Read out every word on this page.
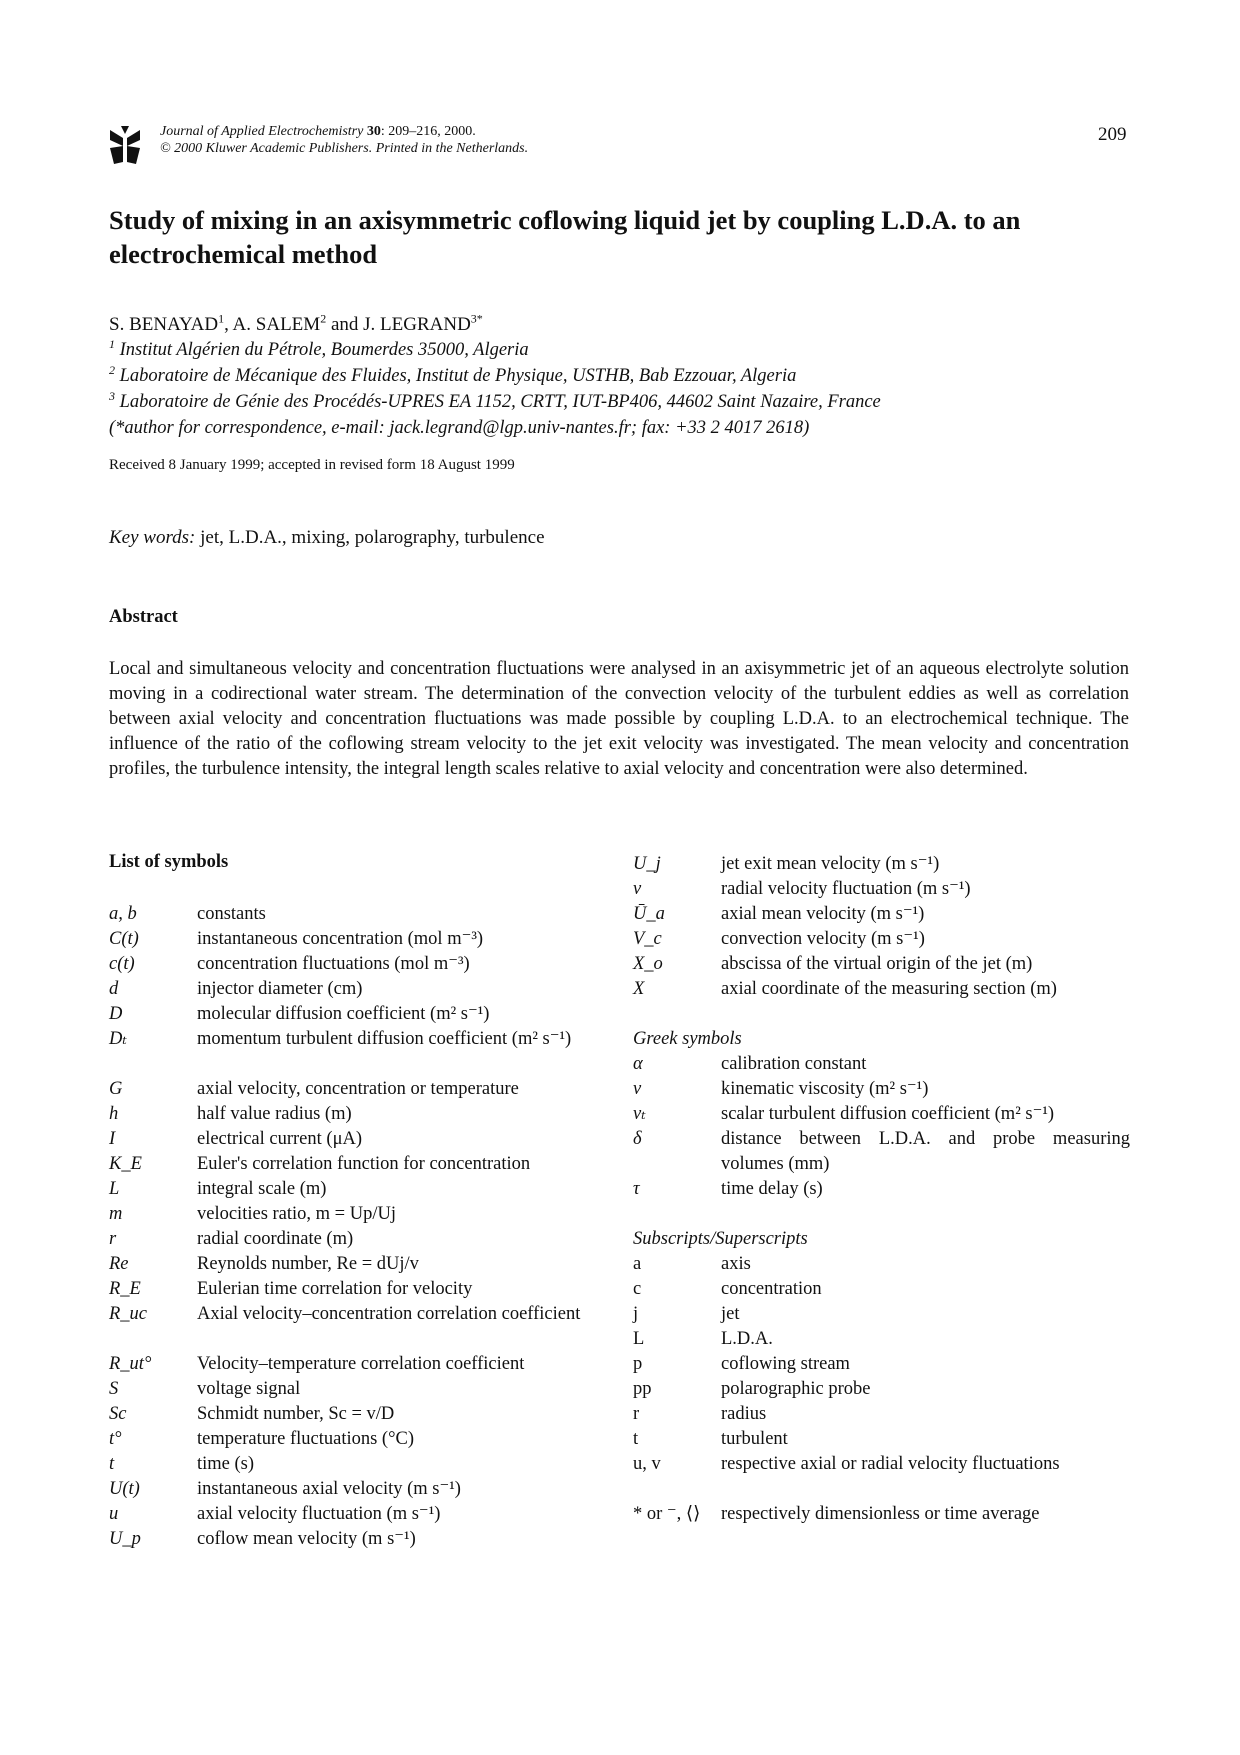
Journal of Applied Electrochemistry 30: 209–216, 2000.
© 2000 Kluwer Academic Publishers. Printed in the Netherlands.
209
Study of mixing in an axisymmetric coflowing liquid jet by coupling L.D.A. to an electrochemical method
S. BENAYAD$^1$, A. SALEM$^2$ and J. $LEGRAND^{3*}$
$^1$ Institut Algérien du Pétrole, Boumerdes 35000, Algeria
$^2$ Laboratoire de Mécanique des Fluides, Institut de Physique, USTHB, Bab Ezzouar, Algeria
$^3$ Laboratoire de Génie des Procédés-UPRES EA 1152, CRTT, IUT-BP406, 44602 Saint Nazaire, France
(*author for correspondence, e-mail: jack.legrand@lgp.univ-nantes.fr; fax: +33 2 4017 2618)
Received 8 January 1999; accepted in revised form 18 August 1999
Key words: jet, L.D.A., mixing, polarography, turbulence
Abstract
Local and simultaneous velocity and concentration fluctuations were analysed in an axisymmetric jet of an aqueous electrolyte solution moving in a codirectional water stream. The determination of the convection velocity of the turbulent eddies as well as correlation between axial velocity and concentration fluctuations was made possible by coupling L.D.A. to an electrochemical technique. The influence of the ratio of the coflowing stream velocity to the jet exit velocity was investigated. The mean velocity and concentration profiles, the turbulence intensity, the integral length scales relative to axial velocity and concentration were also determined.
List of symbols
a, b	constants
C(t)	instantaneous concentration (mol m⁻³)
c(t)	concentration fluctuations (mol m⁻³)
d	injector diameter (cm)
D	molecular diffusion coefficient (m² s⁻¹)
Dₜ	momentum turbulent diffusion coefficient (m² s⁻¹)
G	axial velocity, concentration or temperature
h	half value radius (m)
I	electrical current (μA)
K_E	Euler's correlation function for concentration
L	integral scale (m)
m	velocities ratio, m = Up/Uj
r	radial coordinate (m)
Re	Reynolds number, Re = dUj/v
R_E	Eulerian time correlation for velocity
R_uc	Axial velocity–concentration correlation coefficient
R_ut°	Velocity–temperature correlation coefficient
S	voltage signal
Sc	Schmidt number, Sc = v/D
t°	temperature fluctuations (°C)
t	time (s)
U(t)	instantaneous axial velocity (m s⁻¹)
u	axial velocity fluctuation (m s⁻¹)
U_p	coflow mean velocity (m s⁻¹)
U_j	jet exit mean velocity (m s⁻¹)
v	radial velocity fluctuation (m s⁻¹)
Ū_a	axial mean velocity (m s⁻¹)
V_c	convection velocity (m s⁻¹)
X_o	abscissa of the virtual origin of the jet (m)
X	axial coordinate of the measuring section (m)
Greek symbols
α	calibration constant
v	kinematic viscosity (m² s⁻¹)
vₜ	scalar turbulent diffusion coefficient (m² s⁻¹)
δ	distance between L.D.A. and probe measuring volumes (mm)
τ	time delay (s)
Subscripts/Superscripts
a	axis
c	concentration
j	jet
L	L.D.A.
p	coflowing stream
pp	polarographic probe
r	radius
t	turbulent
u, v	respective axial or radial velocity fluctuations
* or ⁻, ⟨⟩	respectively dimensionless or time average
